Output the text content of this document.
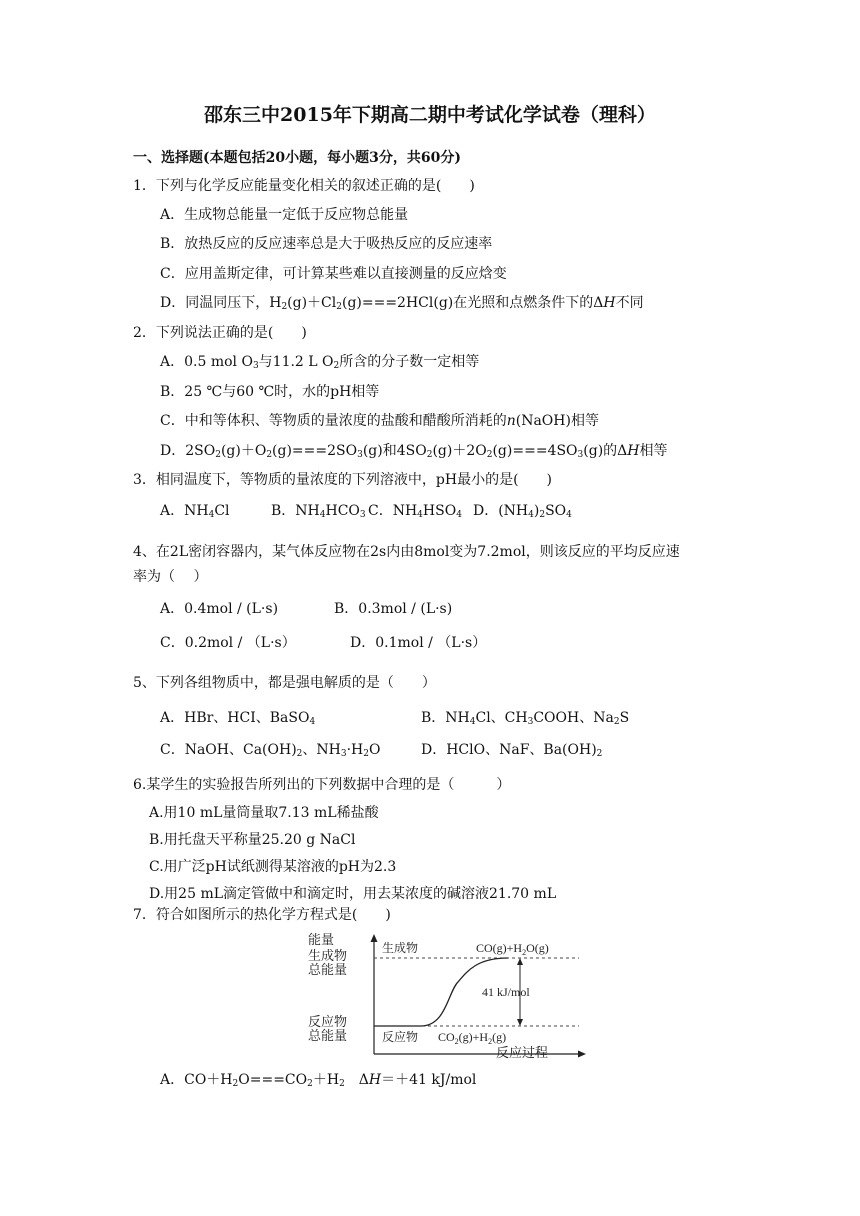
邵东三中2015年下期高二期中考试化学试卷（理科）
一、选择题(本题包括20小题，每小题3分，共60分)
1．下列与化学反应能量变化相关的叙述正确的是(　　)
A．生成物总能量一定低于反应物总能量
B．放热反应的反应速率总是大于吸热反应的反应速率
C．应用盖斯定律，可计算某些难以直接测量的反应焓变
D．同温同压下，$H_2(g)+Cl_2(g)===2HCl(g)$在光照和点燃条件下的ΔH不同
2．下列说法正确的是(　　)
A．0.5 mol $O_3$与11.2 L $O_2$所含的分子数一定相等
B．25 ℃与60 ℃时，水的pH相等
C．中和等体积、等物质的量浓度的盐酸和醋酸所消耗的n(NaOH)相等
D．$2SO_2(g)+O_2(g)===2SO_3(g)$和$4SO_2(g)+2O_2(g)===4SO_3(g)$的ΔH相等
3．相同温度下，等物质的量浓度的下列溶液中，pH最小的是(　　)
A．$NH_4Cl$	B．$NH_4HCO_3$ C．$NH_4HSO_4$ D．$(NH_4)_2SO_4$
4、在2L密闭容器内，某气体反应物在2s内由8mol变为7.2mol，则该反应的平均反应速
率为（　 ）
A．0.4mol / (L·s)	B．0.3mol / (L·s)
C．0.2mol / （L·s）	D．0.1mol / （L·s）
5、下列各组物质中，都是强电解质的是（　　）
A．HBr、HCI、BaSO$_4$	B．$NH_4Cl$、$CH_3COOH$、$Na_2S$
C．NaOH、$Ca(OH)_2$、$NH_3\cdot H_2O$	D．HClO、NaF、$Ba(OH)_2$
6.某学生的实验报告所列出的下列数据中合理的是（　　　）
A.用10 mL量筒量取7.13 mL稀盐酸
B.用托盘天平称量25.20 g NaCl
C.用广泛pH试纸测得某溶液的pH为2.3
D.用25 mL滴定管做中和滴定时，用去某浓度的碱溶液21.70 mL
7．符合如图所示的热化学方程式是(　　)
能量
生成物
总能量
反应物
总能量
生成物
反应物
$CO(g)+H_2O(g)$
$CO_2(g)+H_2(g)$
41 kJ/mol
反应过程
A．$CO+H_2O===CO_2+H_2$　ΔH＝＋41 kJ/mol
